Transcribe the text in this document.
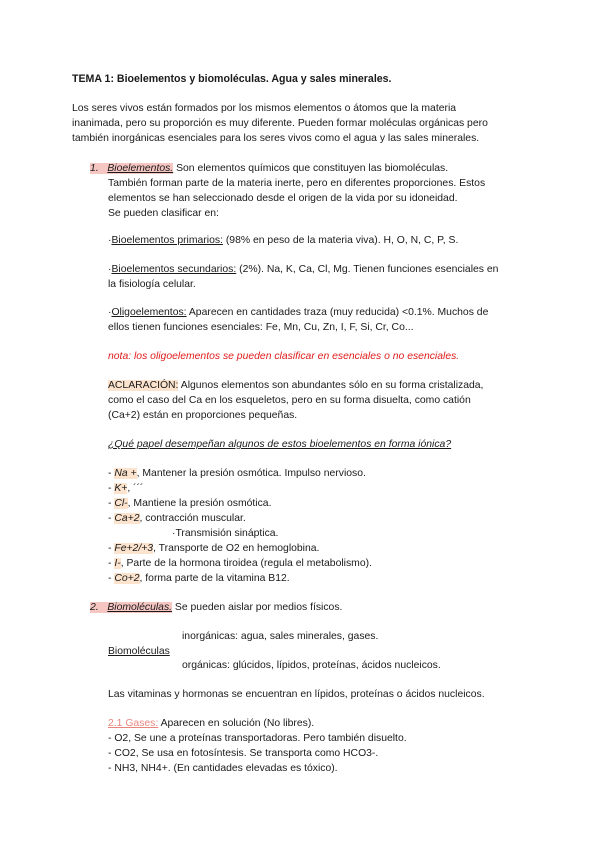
TEMA 1: Bioelementos y biomoléculas. Agua y sales minerales.
Los seres vivos están formados por los mismos elementos o átomos que la materia
inanimada, pero su proporción es muy diferente. Pueden formar moléculas orgánicas pero
también inorgánicas esenciales para los seres vivos como el agua y las sales minerales.
1. Bioelementos. Son elementos químicos que constituyen las biomoléculas.
También forman parte de la materia inerte, pero en diferentes proporciones. Estos
elementos se han seleccionado desde el origen de la vida por su idoneidad.
Se pueden clasificar en:
·Bioelementos primarios: (98% en peso de la materia viva). H, O, N, C, P, S.
·Bioelementos secundarios: (2%). Na, K, Ca, Cl, Mg. Tienen funciones esenciales en
la fisiología celular.
·Oligoelementos: Aparecen en cantidades traza (muy reducida) <0.1%. Muchos de
ellos tienen funciones esenciales: Fe, Mn, Cu, Zn, I, F, Si, Cr, Co...
nota: los oligoelementos se pueden clasificar en esenciales o no esenciales.
ACLARACIÓN: Algunos elementos son abundantes sólo en su forma cristalizada,
como el caso del Ca en los esqueletos, pero en su forma disuelta, como catión
(Ca+2) están en proporciones pequeñas.
¿Qué papel desempeñan algunos de estos bioelementos en forma iónica?
- Na +, Mantener la presión osmótica. Impulso nervioso.
- K+, ´´´
- Cl-, Mantiene la presión osmótica.
- Ca+2, contracción muscular.
·Transmisión sináptica.
- Fe+2/+3, Transporte de O2 en hemoglobina.
- I-, Parte de la hormona tiroidea (regula el metabolismo).
- Co+2, forma parte de la vitamina B12.
2. Biomoléculas. Se pueden aislar por medios físicos.
inorgánicas: agua, sales minerales, gases.
Biomoléculas
orgánicas: glúcidos, lípidos, proteínas, ácidos nucleicos.
Las vitaminas y hormonas se encuentran en lípidos, proteínas o ácidos nucleicos.
2.1 Gases: Aparecen en solución (No libres).
- O2, Se une a proteínas transportadoras. Pero también disuelto.
- CO2, Se usa en fotosíntesis. Se transporta como HCO3-.
- NH3, NH4+. (En cantidades elevadas es tóxico).
